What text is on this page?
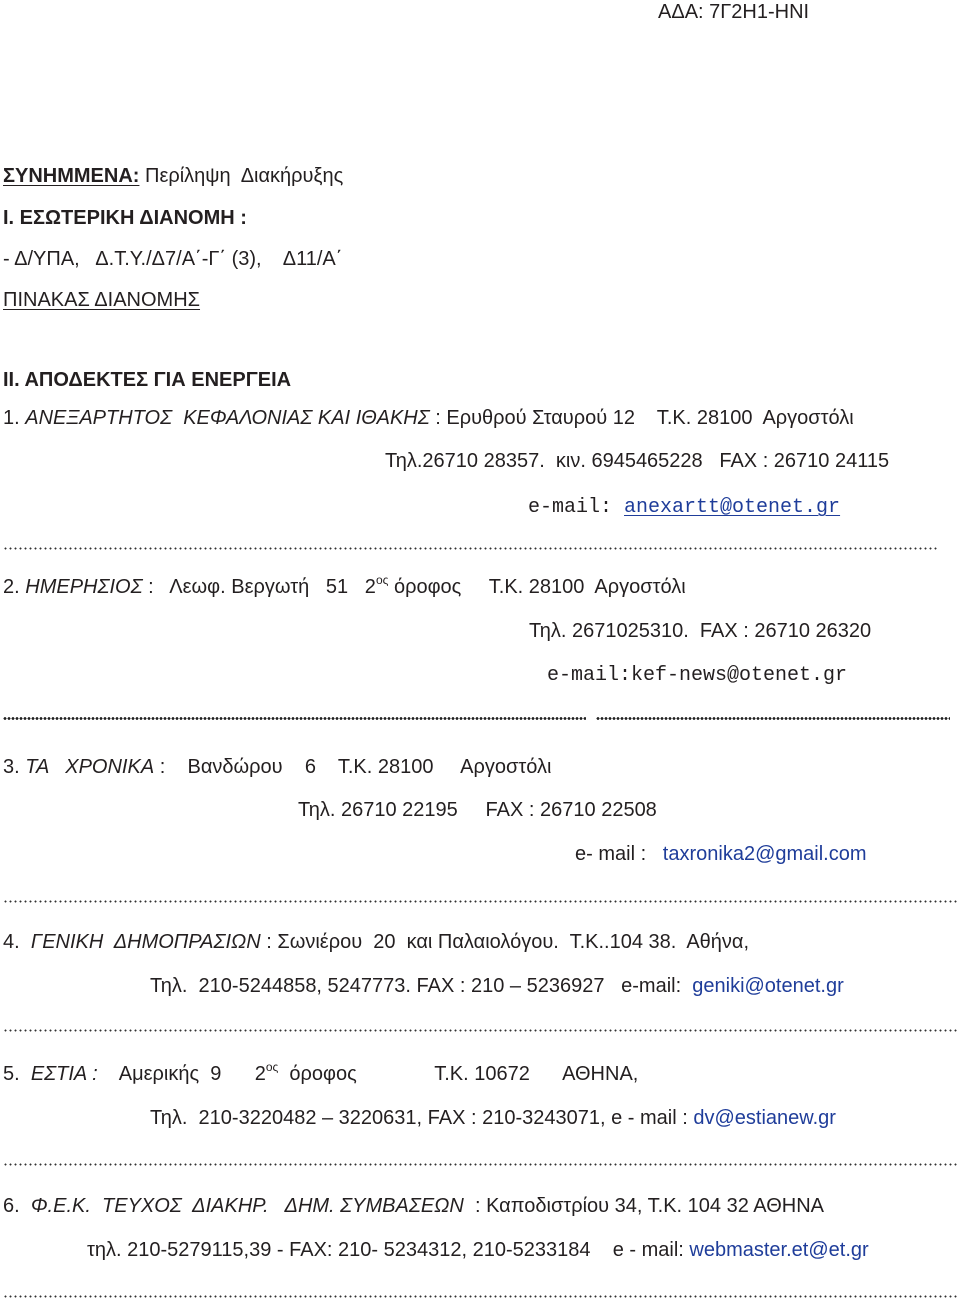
ΑΔΑ: 7Γ2Η1-ΗΝΙ
ΣΥΝΗΜΜΕΝΑ: Περίληψη  Διακήρυξης
Ι. ΕΣΩΤΕΡΙΚΗ ΔΙΑΝΟΜΗ :
- Δ/ΥΠΑ,   Δ.Τ.Υ./Δ7/Α΄-Γ΄ (3),    Δ11/Α΄
ΠΙΝΑΚΑΣ ΔΙΑΝΟΜΗΣ
ΙΙ. ΑΠΟΔΕΚΤΕΣ ΓΙΑ ΕΝΕΡΓΕΙΑ
1. ΑΝΕΞΑΡΤΗΤΟΣ  ΚΕΦΑΛΟΝΙΑΣ ΚΑΙ ΙΘΑΚΗΣ : Ερυθρού Σταυρού 12    Τ.Κ. 28100  Αργοστόλι
Τηλ.26710 28357.  κιν. 6945465228   FAX : 26710 24115
e-mail: anexartt@otenet.gr
2. ΗΜΕΡΗΣΙΟΣ :   Λεωφ. Βεργωτή   51   $2^{o\varsigma}$ όροφος     Τ.Κ. 28100  Αργοστόλι
Τηλ. 2671025310.  FAX : 26710 26320
e-mail:kef-news@otenet.gr
3. ΤΑ   ΧΡΟΝΙΚΑ :    Βανδώρου    6    Τ.Κ. 28100     Αργοστόλι
Τηλ. 26710 22195     FAX : 26710 22508
e- mail :   taxronika2@gmail.com
4. ΓΕΝΙΚΗ  ΔΗΜΟΠΡΑΣΙΩΝ : Σωνιέρου  20  και Παλαιολόγου.  Τ.Κ..104 38.  Αθήνα,
Τηλ.  210-5244858, 5247773. FAX : 210 – 5236927   e-mail:  geniki@otenet.gr
5. ΕΣΤΙΑ :    Αμερικής  9      $2^{o\varsigma}$  όροφος              Τ.Κ. 10672      ΑΘΗΝΑ,
Τηλ.  210-3220482 – 3220631, FAX : 210-3243071, e - mail : dv@estianew.gr
6. Φ.Ε.Κ.  ΤΕΥΧΟΣ  ΔΙΑΚΗΡ.   ΔΗΜ. ΣΥΜΒΑΣΕΩΝ  : Καποδιστρίου 34, Τ.Κ. 104 32 ΑΘΗΝΑ
τηλ. 210-5279115,39 - FAX: 210- 5234312, 210-5233184    e - mail: webmaster.et@et.gr
